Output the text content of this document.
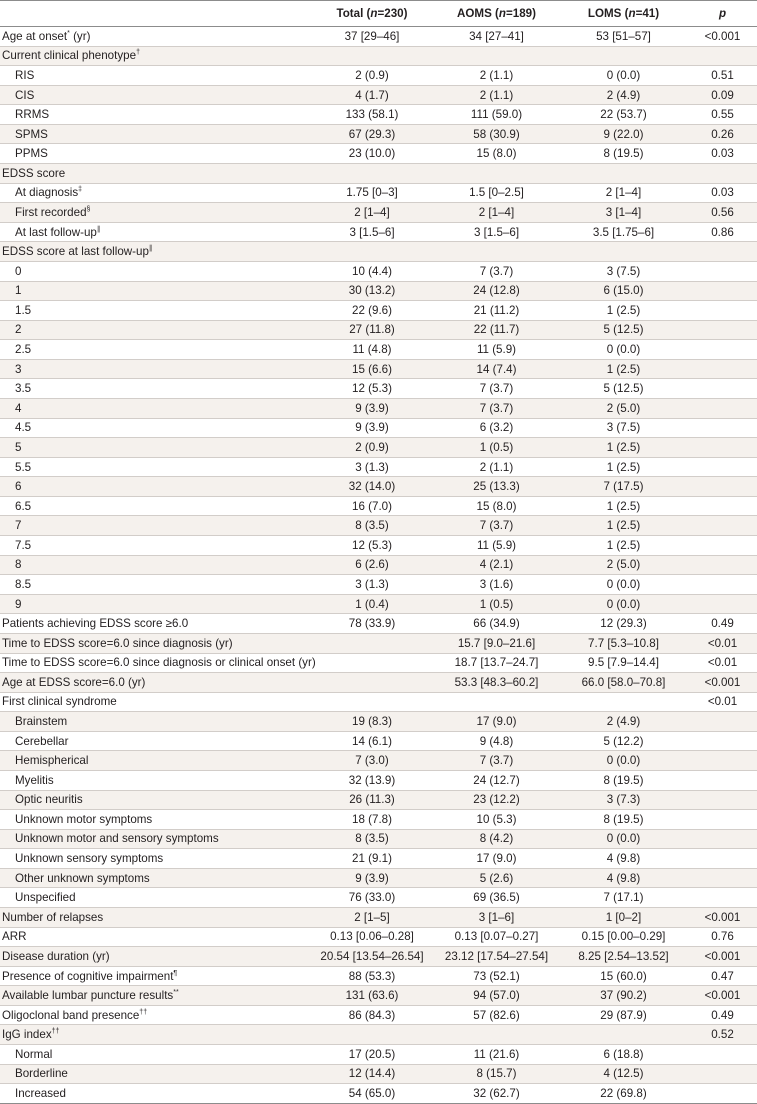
	Total (n=230)	AOMS (n=189)	LOMS (n=41)	p
Age at onset* (yr)	37 [29–46]	34 [27–41]	53 [51–57]	<0.001
Current clinical phenotype†				
RIS	2 (0.9)	2 (1.1)	0 (0.0)	0.51
CIS	4 (1.7)	2 (1.1)	2 (4.9)	0.09
RRMS	133 (58.1)	111 (59.0)	22 (53.7)	0.55
SPMS	67 (29.3)	58 (30.9)	9 (22.0)	0.26
PPMS	23 (10.0)	15 (8.0)	8 (19.5)	0.03
EDSS score				
At diagnosis‡	1.75 [0–3]	1.5 [0–2.5]	2 [1–4]	0.03
First recorded§	2 [1–4]	2 [1–4]	3 [1–4]	0.56
At last follow-up∥	3 [1.5–6]	3 [1.5–6]	3.5 [1.75–6]	0.86
EDSS score at last follow-up∥				
0	10 (4.4)	7 (3.7)	3 (7.5)	
1	30 (13.2)	24 (12.8)	6 (15.0)	
1.5	22 (9.6)	21 (11.2)	1 (2.5)	
2	27 (11.8)	22 (11.7)	5 (12.5)	
2.5	11 (4.8)	11 (5.9)	0 (0.0)	
3	15 (6.6)	14 (7.4)	1 (2.5)	
3.5	12 (5.3)	7 (3.7)	5 (12.5)	
4	9 (3.9)	7 (3.7)	2 (5.0)	
4.5	9 (3.9)	6 (3.2)	3 (7.5)	
5	2 (0.9)	1 (0.5)	1 (2.5)	
5.5	3 (1.3)	2 (1.1)	1 (2.5)	
6	32 (14.0)	25 (13.3)	7 (17.5)	
6.5	16 (7.0)	15 (8.0)	1 (2.5)	
7	8 (3.5)	7 (3.7)	1 (2.5)	
7.5	12 (5.3)	11 (5.9)	1 (2.5)	
8	6 (2.6)	4 (2.1)	2 (5.0)	
8.5	3 (1.3)	3 (1.6)	0 (0.0)	
9	1 (0.4)	1 (0.5)	0 (0.0)	
Patients achieving EDSS score ≥6.0	78 (33.9)	66 (34.9)	12 (29.3)	0.49
Time to EDSS score=6.0 since diagnosis (yr)		15.7 [9.0–21.6]	7.7 [5.3–10.8]	<0.01
Time to EDSS score=6.0 since diagnosis or clinical onset (yr)		18.7 [13.7–24.7]	9.5 [7.9–14.4]	<0.01
Age at EDSS score=6.0 (yr)		53.3 [48.3–60.2]	66.0 [58.0–70.8]	<0.001
First clinical syndrome				<0.01
Brainstem	19 (8.3)	17 (9.0)	2 (4.9)	
Cerebellar	14 (6.1)	9 (4.8)	5 (12.2)	
Hemispherical	7 (3.0)	7 (3.7)	0 (0.0)	
Myelitis	32 (13.9)	24 (12.7)	8 (19.5)	
Optic neuritis	26 (11.3)	23 (12.2)	3 (7.3)	
Unknown motor symptoms	18 (7.8)	10 (5.3)	8 (19.5)	
Unknown motor and sensory symptoms	8 (3.5)	8 (4.2)	0 (0.0)	
Unknown sensory symptoms	21 (9.1)	17 (9.0)	4 (9.8)	
Other unknown symptoms	9 (3.9)	5 (2.6)	4 (9.8)	
Unspecified	76 (33.0)	69 (36.5)	7 (17.1)	
Number of relapses	2 [1–5]	3 [1–6]	1 [0–2]	<0.001
ARR	0.13 [0.06–0.28]	0.13 [0.07–0.27]	0.15 [0.00–0.29]	0.76
Disease duration (yr)	20.54 [13.54–26.54]	23.12 [17.54–27.54]	8.25 [2.54–13.52]	<0.001
Presence of cognitive impairment¶	88 (53.3)	73 (52.1)	15 (60.0)	0.47
Available lumbar puncture results**	131 (63.6)	94 (57.0)	37 (90.2)	<0.001
Oligoclonal band presence††	86 (84.3)	57 (82.6)	29 (87.9)	0.49
IgG index††				0.52
Normal	17 (20.5)	11 (21.6)	6 (18.8)	
Borderline	12 (14.4)	8 (15.7)	4 (12.5)	
Increased	54 (65.0)	32 (62.7)	22 (69.8)	
